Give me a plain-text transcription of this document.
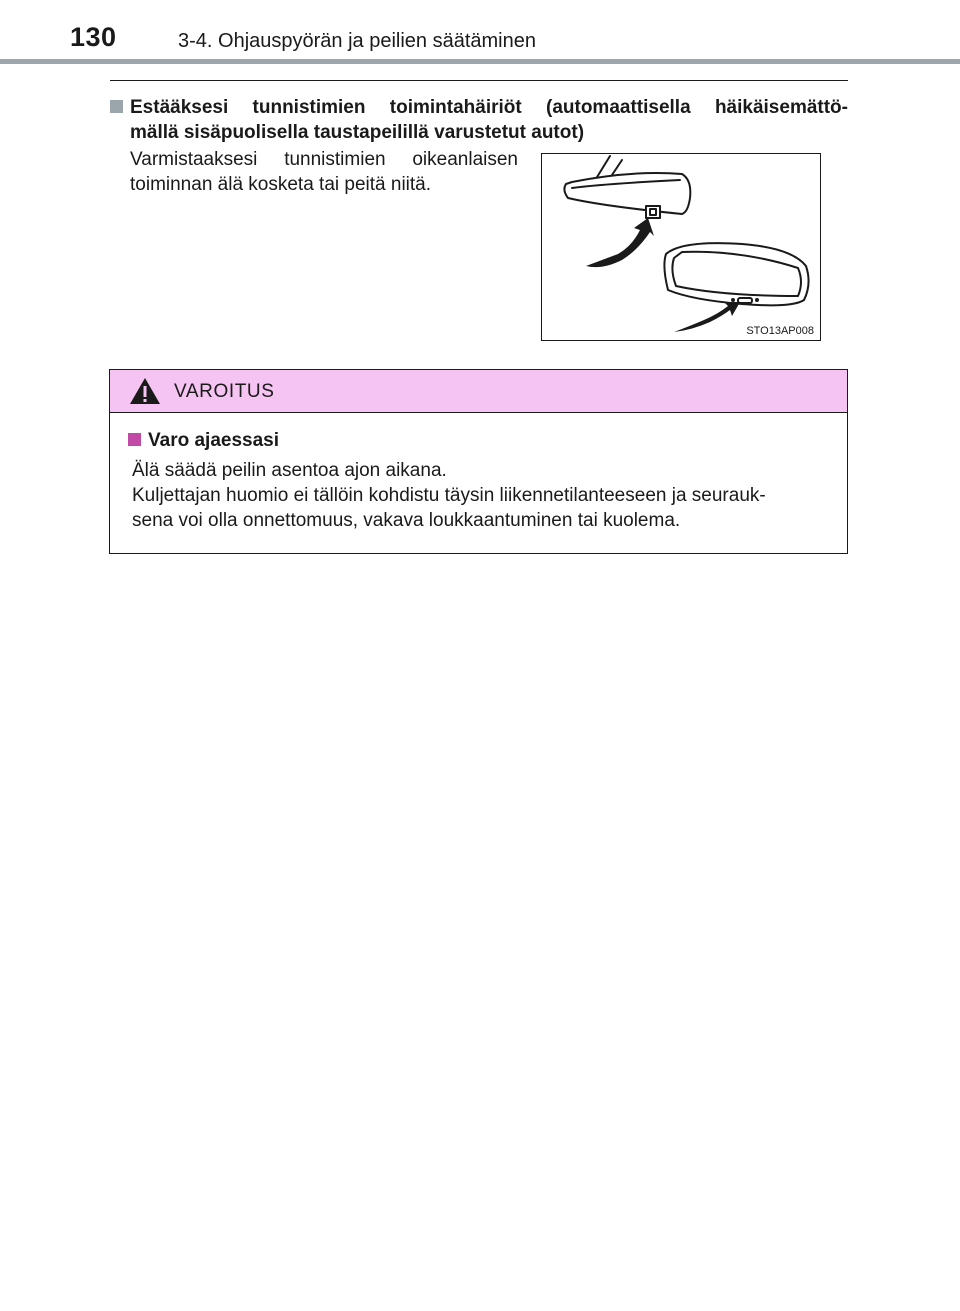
130	3-4. Ohjauspyörän ja peilien säätäminen
Estääksesi tunnistimien toimintahäiriöt (automaattisella häikäisemättö-
mällä sisäpuolisella taustapeilillä varustetut autot)
Varmistaaksesi tunnistimien oikeanlaisen
toiminnan älä kosketa tai peitä niitä.
STO13AP008
VAROITUS
Varo ajaessasi
Älä säädä peilin asentoa ajon aikana.
Kuljettajan huomio ei tällöin kohdistu täysin liikennetilanteeseen ja seurauk-
sena voi olla onnettomuus, vakava loukkaantuminen tai kuolema.
